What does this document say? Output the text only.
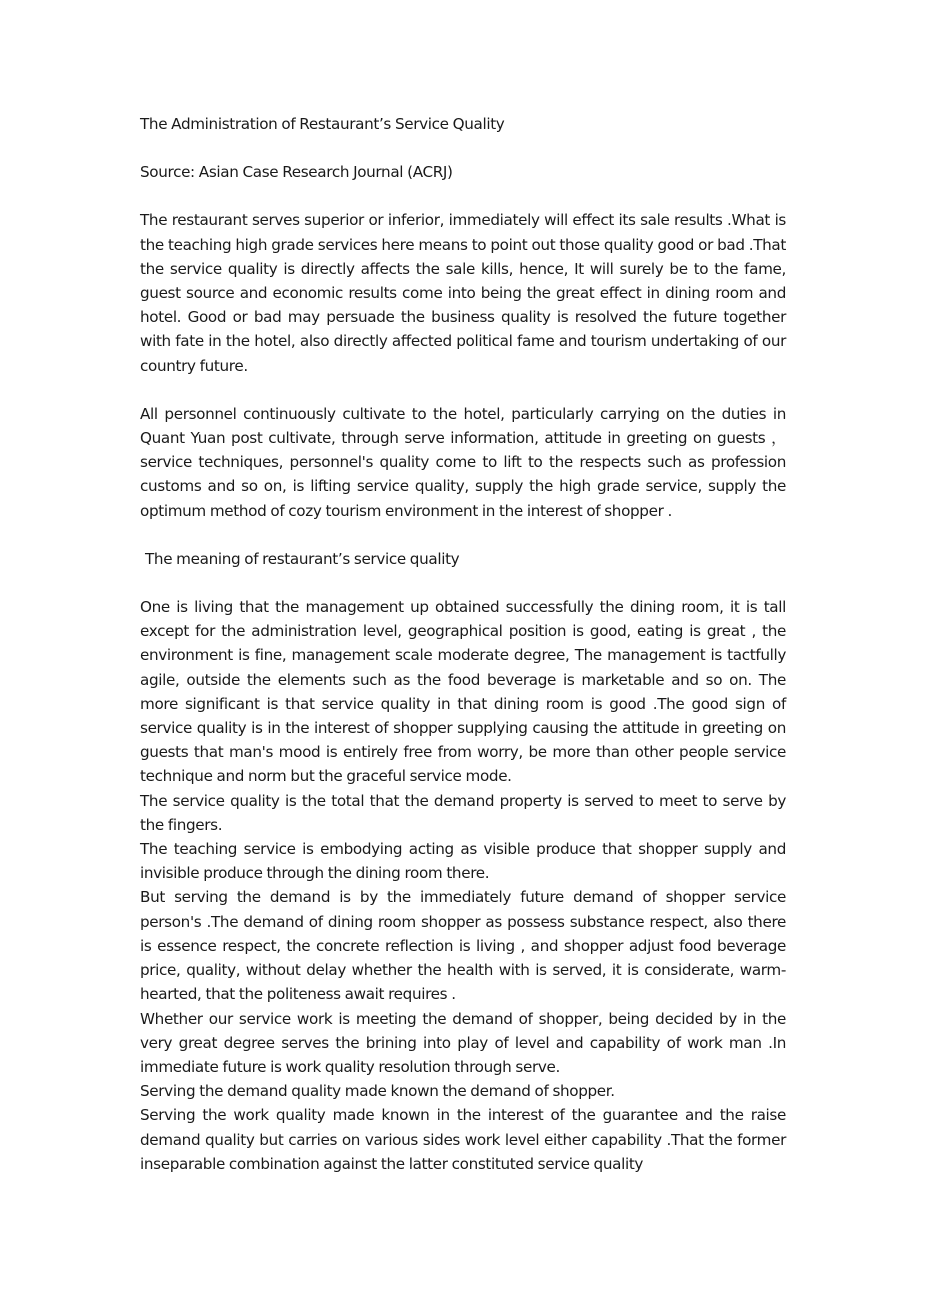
The Administration of Restaurant’s Service Quality

Source: Asian Case Research Journal (ACRJ)

The restaurant serves superior or inferior, immediately will effect its sale results .What is the teaching high grade services here means to point out those quality good or bad .That the service quality is directly affects the sale kills, hence, It will surely be to the fame, guest source and economic results come into being the great effect in dining room and hotel. Good or bad may persuade the business quality is resolved the future together with fate in the hotel, also directly affected political fame and tourism undertaking of our country future.

All personnel continuously cultivate to the hotel, particularly carrying on the duties in Quant Yuan post cultivate, through serve information, attitude in greeting on guests ， service techniques, personnel's quality come to lift to the respects such as profession customs and so on, is lifting service quality, supply the high grade service, supply the optimum method of cozy tourism environment in the interest of shopper .

The meaning of restaurant’s service quality

One is living that the management up obtained successfully the dining room, it is tall except for the administration level, geographical position is good, eating is great , the environment is fine, management scale moderate degree, The management is tactfully agile, outside the elements such as the food beverage is marketable and so on. The more significant is that service quality in that dining room is good .The good sign of service quality is in the interest of shopper supplying causing the attitude in greeting on guests that man's mood is entirely free from worry, be more than other people service technique and norm but the graceful service mode.

The service quality is the total that the demand property is served to meet to serve by the fingers.

The teaching service is embodying acting as visible produce that shopper supply and invisible produce through the dining room there.

But serving the demand is by the immediately future demand of shopper service person's .The demand of dining room shopper as possess substance respect, also there is essence respect, the concrete reflection is living , and shopper adjust food beverage price, quality, without delay whether the health with is served, it is considerate, warm-hearted, that the politeness await requires .

Whether our service work is meeting the demand of shopper, being decided by in the very great degree serves the brining into play of level and capability of work man .In immediate future is work quality resolution through serve.

Serving the demand quality made known the demand of shopper.

Serving the work quality made known in the interest of the guarantee and the raise demand quality but carries on various sides work level either capability .That the former inseparable combination against the latter constituted service quality
